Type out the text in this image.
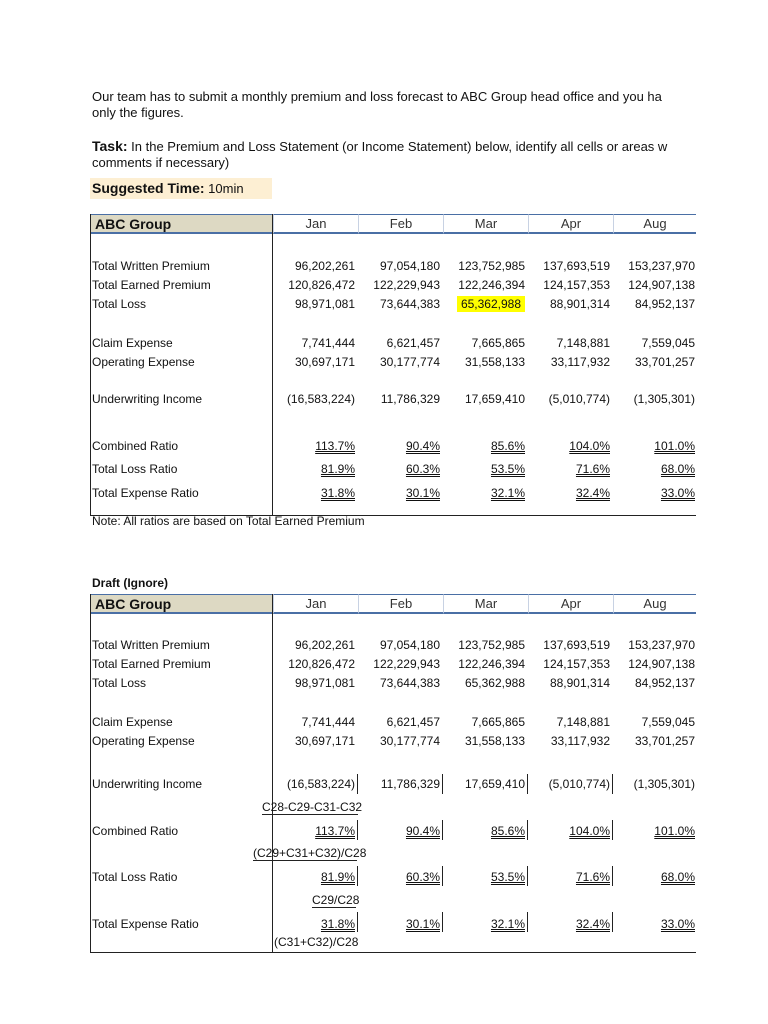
Our team has to submit a monthly premium and loss forecast to ABC Group head office and you ha
only the figures.
Task: In the Premium and Loss Statement (or Income Statement) below, identify all cells or areas w
comments if necessary)
Suggested Time: 10min
ABC Group	Jan	Feb	Mar	Apr	Aug
Total Written Premium	96,202,261	97,054,180	123,752,985	137,693,519	153,237,970
Total Earned Premium	120,826,472	122,229,943	122,246,394	124,157,353	124,907,138
Total Loss	98,971,081	73,644,383	65,362,988	88,901,314	84,952,137
Claim Expense	7,741,444	6,621,457	7,665,865	7,148,881	7,559,045
Operating Expense	30,697,171	30,177,774	31,558,133	33,117,932	33,701,257
Underwriting Income	(16,583,224)	11,786,329	17,659,410	(5,010,774)	(1,305,301)
Combined Ratio	113.7%	90.4%	85.6%	104.0%	101.0%
Total Loss Ratio	81.9%	60.3%	53.5%	71.6%	68.0%
Total Expense Ratio	31.8%	30.1%	32.1%	32.4%	33.0%
Note: All ratios are based on Total Earned Premium
Draft (Ignore)
ABC Group	Jan	Feb	Mar	Apr	Aug
Total Written Premium	96,202,261	97,054,180	123,752,985	137,693,519	153,237,970
Total Earned Premium	120,826,472	122,229,943	122,246,394	124,157,353	124,907,138
Total Loss	98,971,081	73,644,383	65,362,988	88,901,314	84,952,137
Claim Expense	7,741,444	6,621,457	7,665,865	7,148,881	7,559,045
Operating Expense	30,697,171	30,177,774	31,558,133	33,117,932	33,701,257
Underwriting Income	(16,583,224)	11,786,329	17,659,410	(5,010,774)	(1,305,301)
Combined Ratio	113.7%	90.4%	85.6%	104.0%	101.0%
Total Loss Ratio	81.9%	60.3%	53.5%	71.6%	68.0%
Total Expense Ratio	31.8%	30.1%	32.1%	32.4%	33.0%
C28-C29-C31-C32
(C29+C31+C32)/C28
C29/C28
(C31+C32)/C28
